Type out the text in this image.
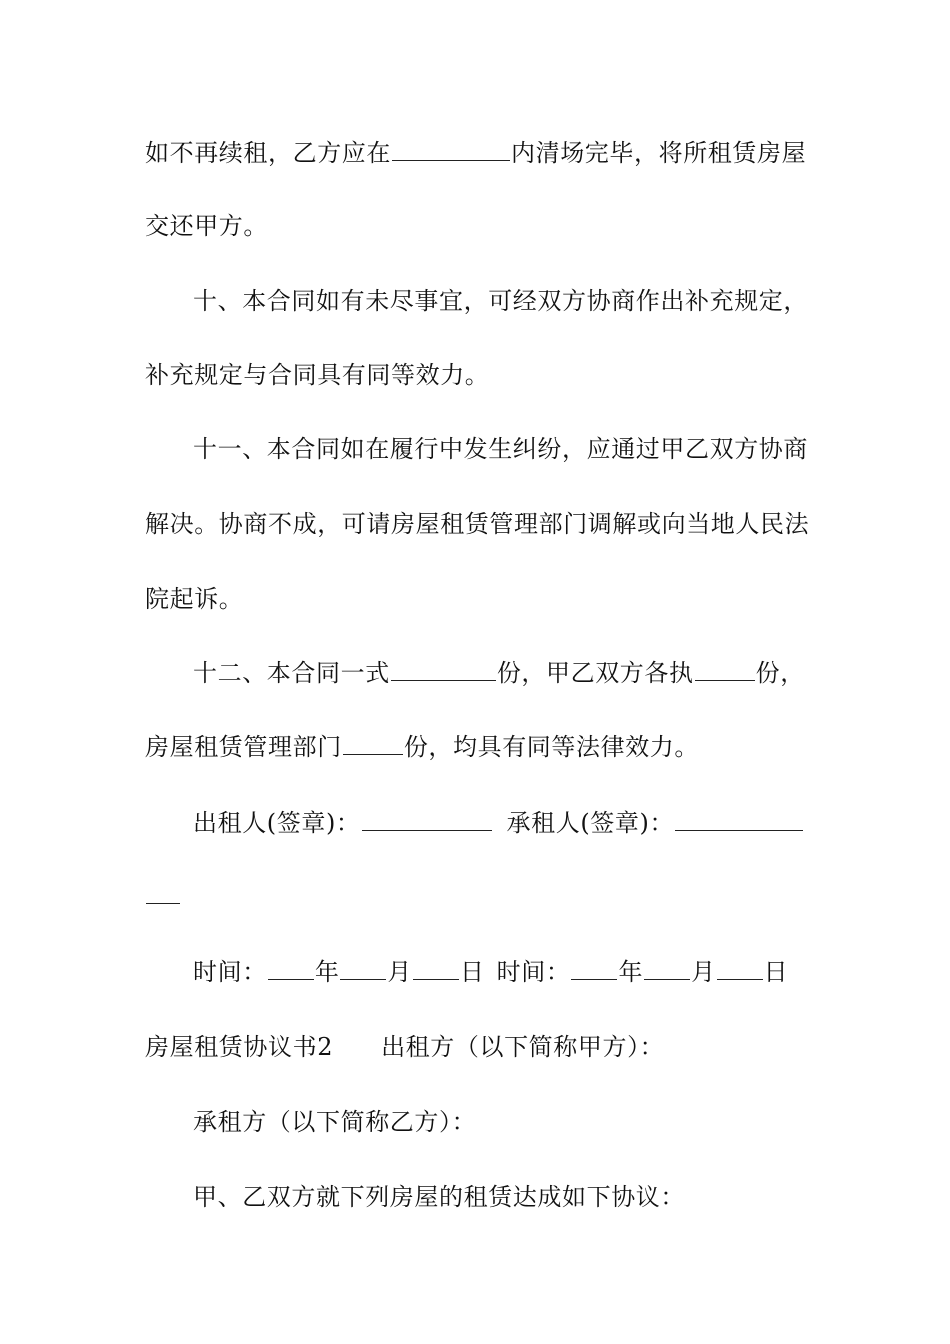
如不再续租，乙方应在	内清场完毕，将所租赁房屋
交还甲方。
十、本合同如有未尽事宜，可经双方协商作出补充规定，
补充规定与合同具有同等效力。
十一、本合同如在履行中发生纠纷，应通过甲乙双方协商
解决。协商不成，可请房屋租赁管理部门调解或向当地人民法
院起诉。
十二、本合同一式	份，甲乙双方各执	份，
房屋租赁管理部门	份，均具有同等法律效力。
出租人(签章)：	承租人(签章)：
时间： 年 月 日 时间： 年 月 日
房屋租赁协议书2 出租方（以下简称甲方）：
承租方（以下简称乙方）：
甲、乙双方就下列房屋的租赁达成如下协议：
